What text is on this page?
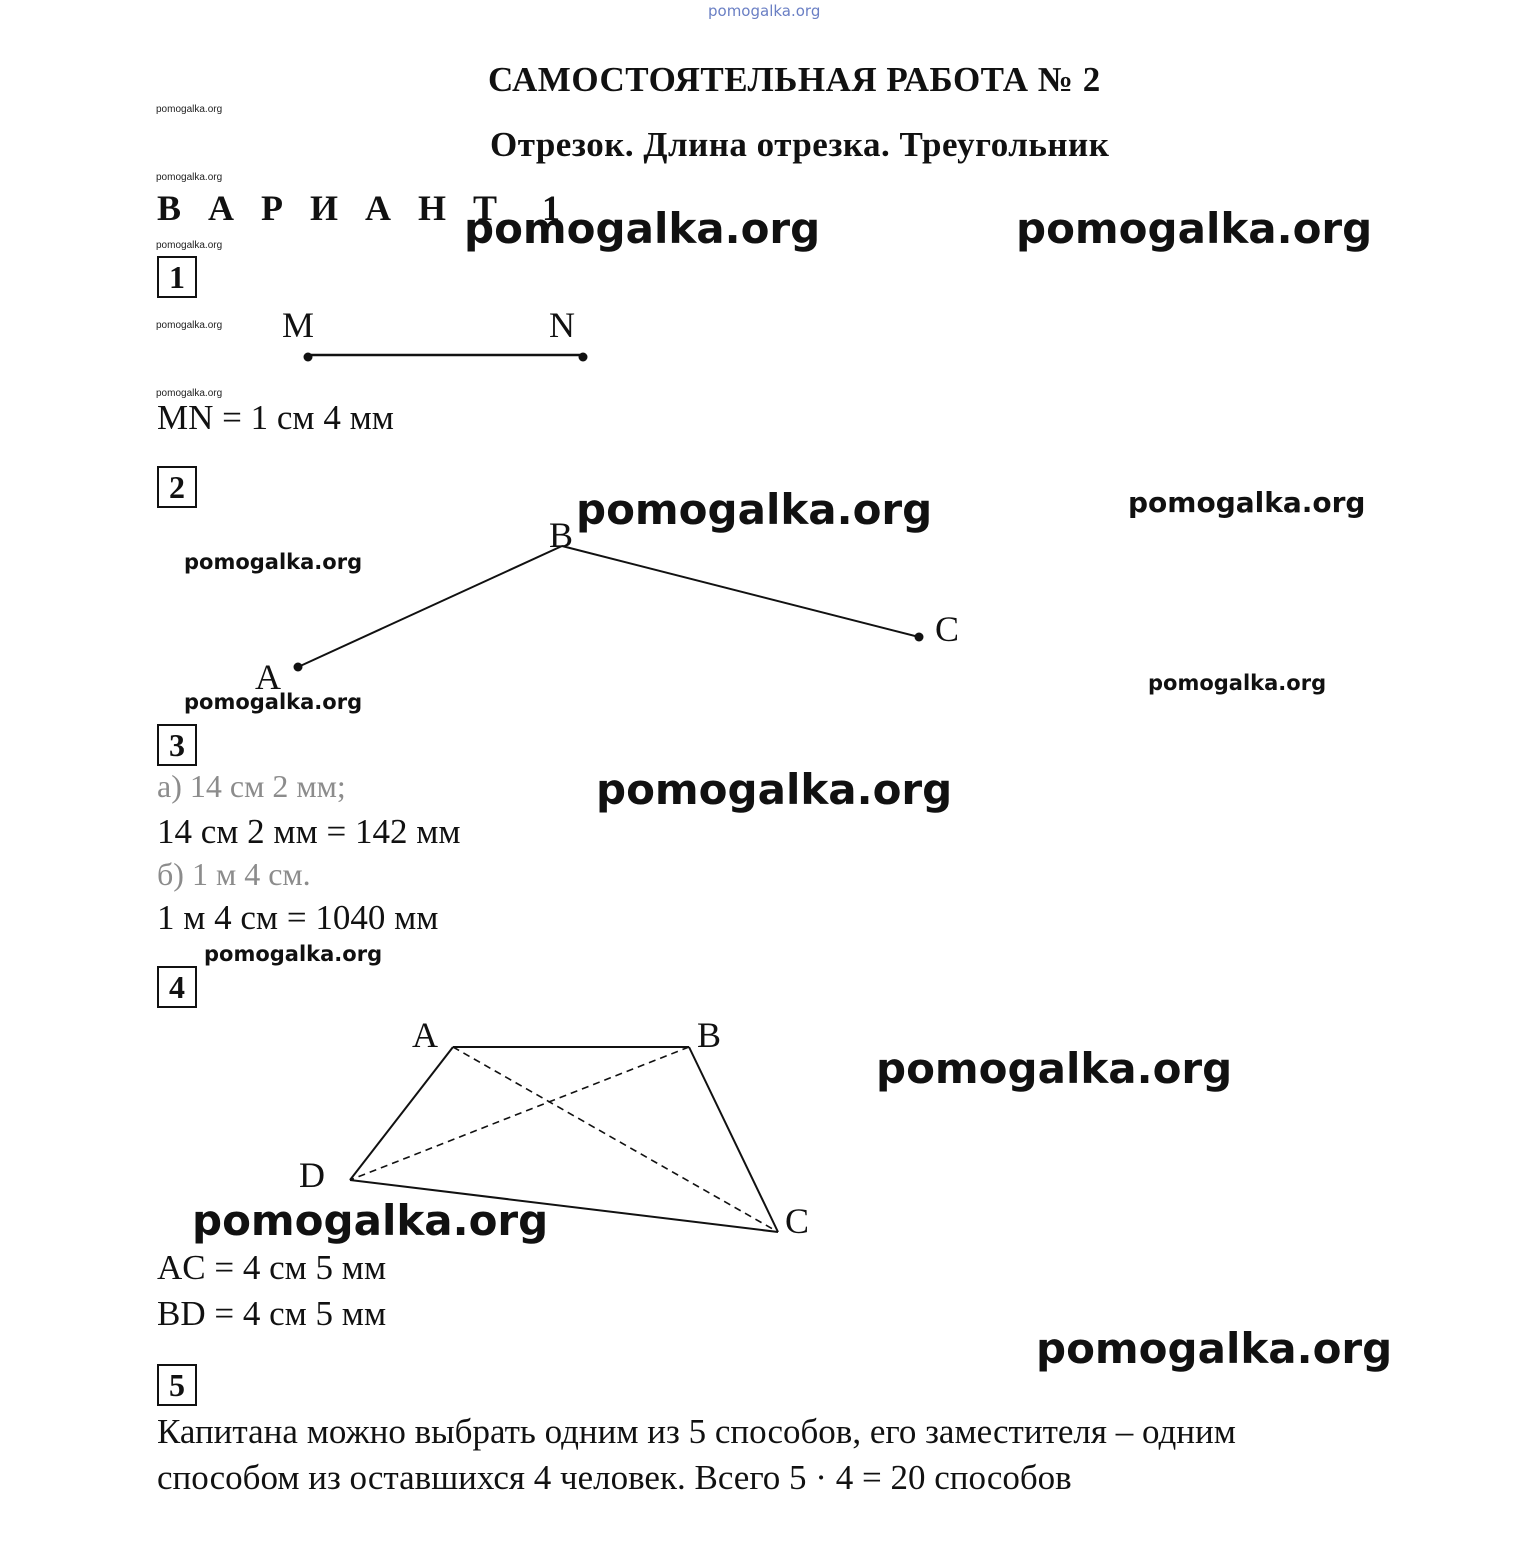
pomogalka.org
САМОСТОЯТЕЛЬНАЯ РАБОТА № 2
Отрезок. Длина отрезка. Треугольник
В А Р И А Н Т  1
pomogalka.org
pomogalka.org
pomogalka.org
pomogalka.org
pomogalka.org
pomogalka.org	pomogalka.org
pomogalka.org	pomogalka.org
pomogalka.org
pomogalka.org
pomogalka.org
pomogalka.org
pomogalka.org
pomogalka.org
pomogalka.org
pomogalka.org
1
M	N
MN = 1 см 4 мм
2
B
C
A
3
а) 14 см 2 мм;
14 см 2 мм = 142 мм
б) 1 м 4 см.
1 м 4 см = 1040 мм
4
A	B
D
C
AC = 4 см 5 мм
BD = 4 см 5 мм
5
Капитана можно выбрать одним из 5 способов, его заместителя – одним
способом из оставшихся 4 человек. Всего 5 · 4 = 20 способов
